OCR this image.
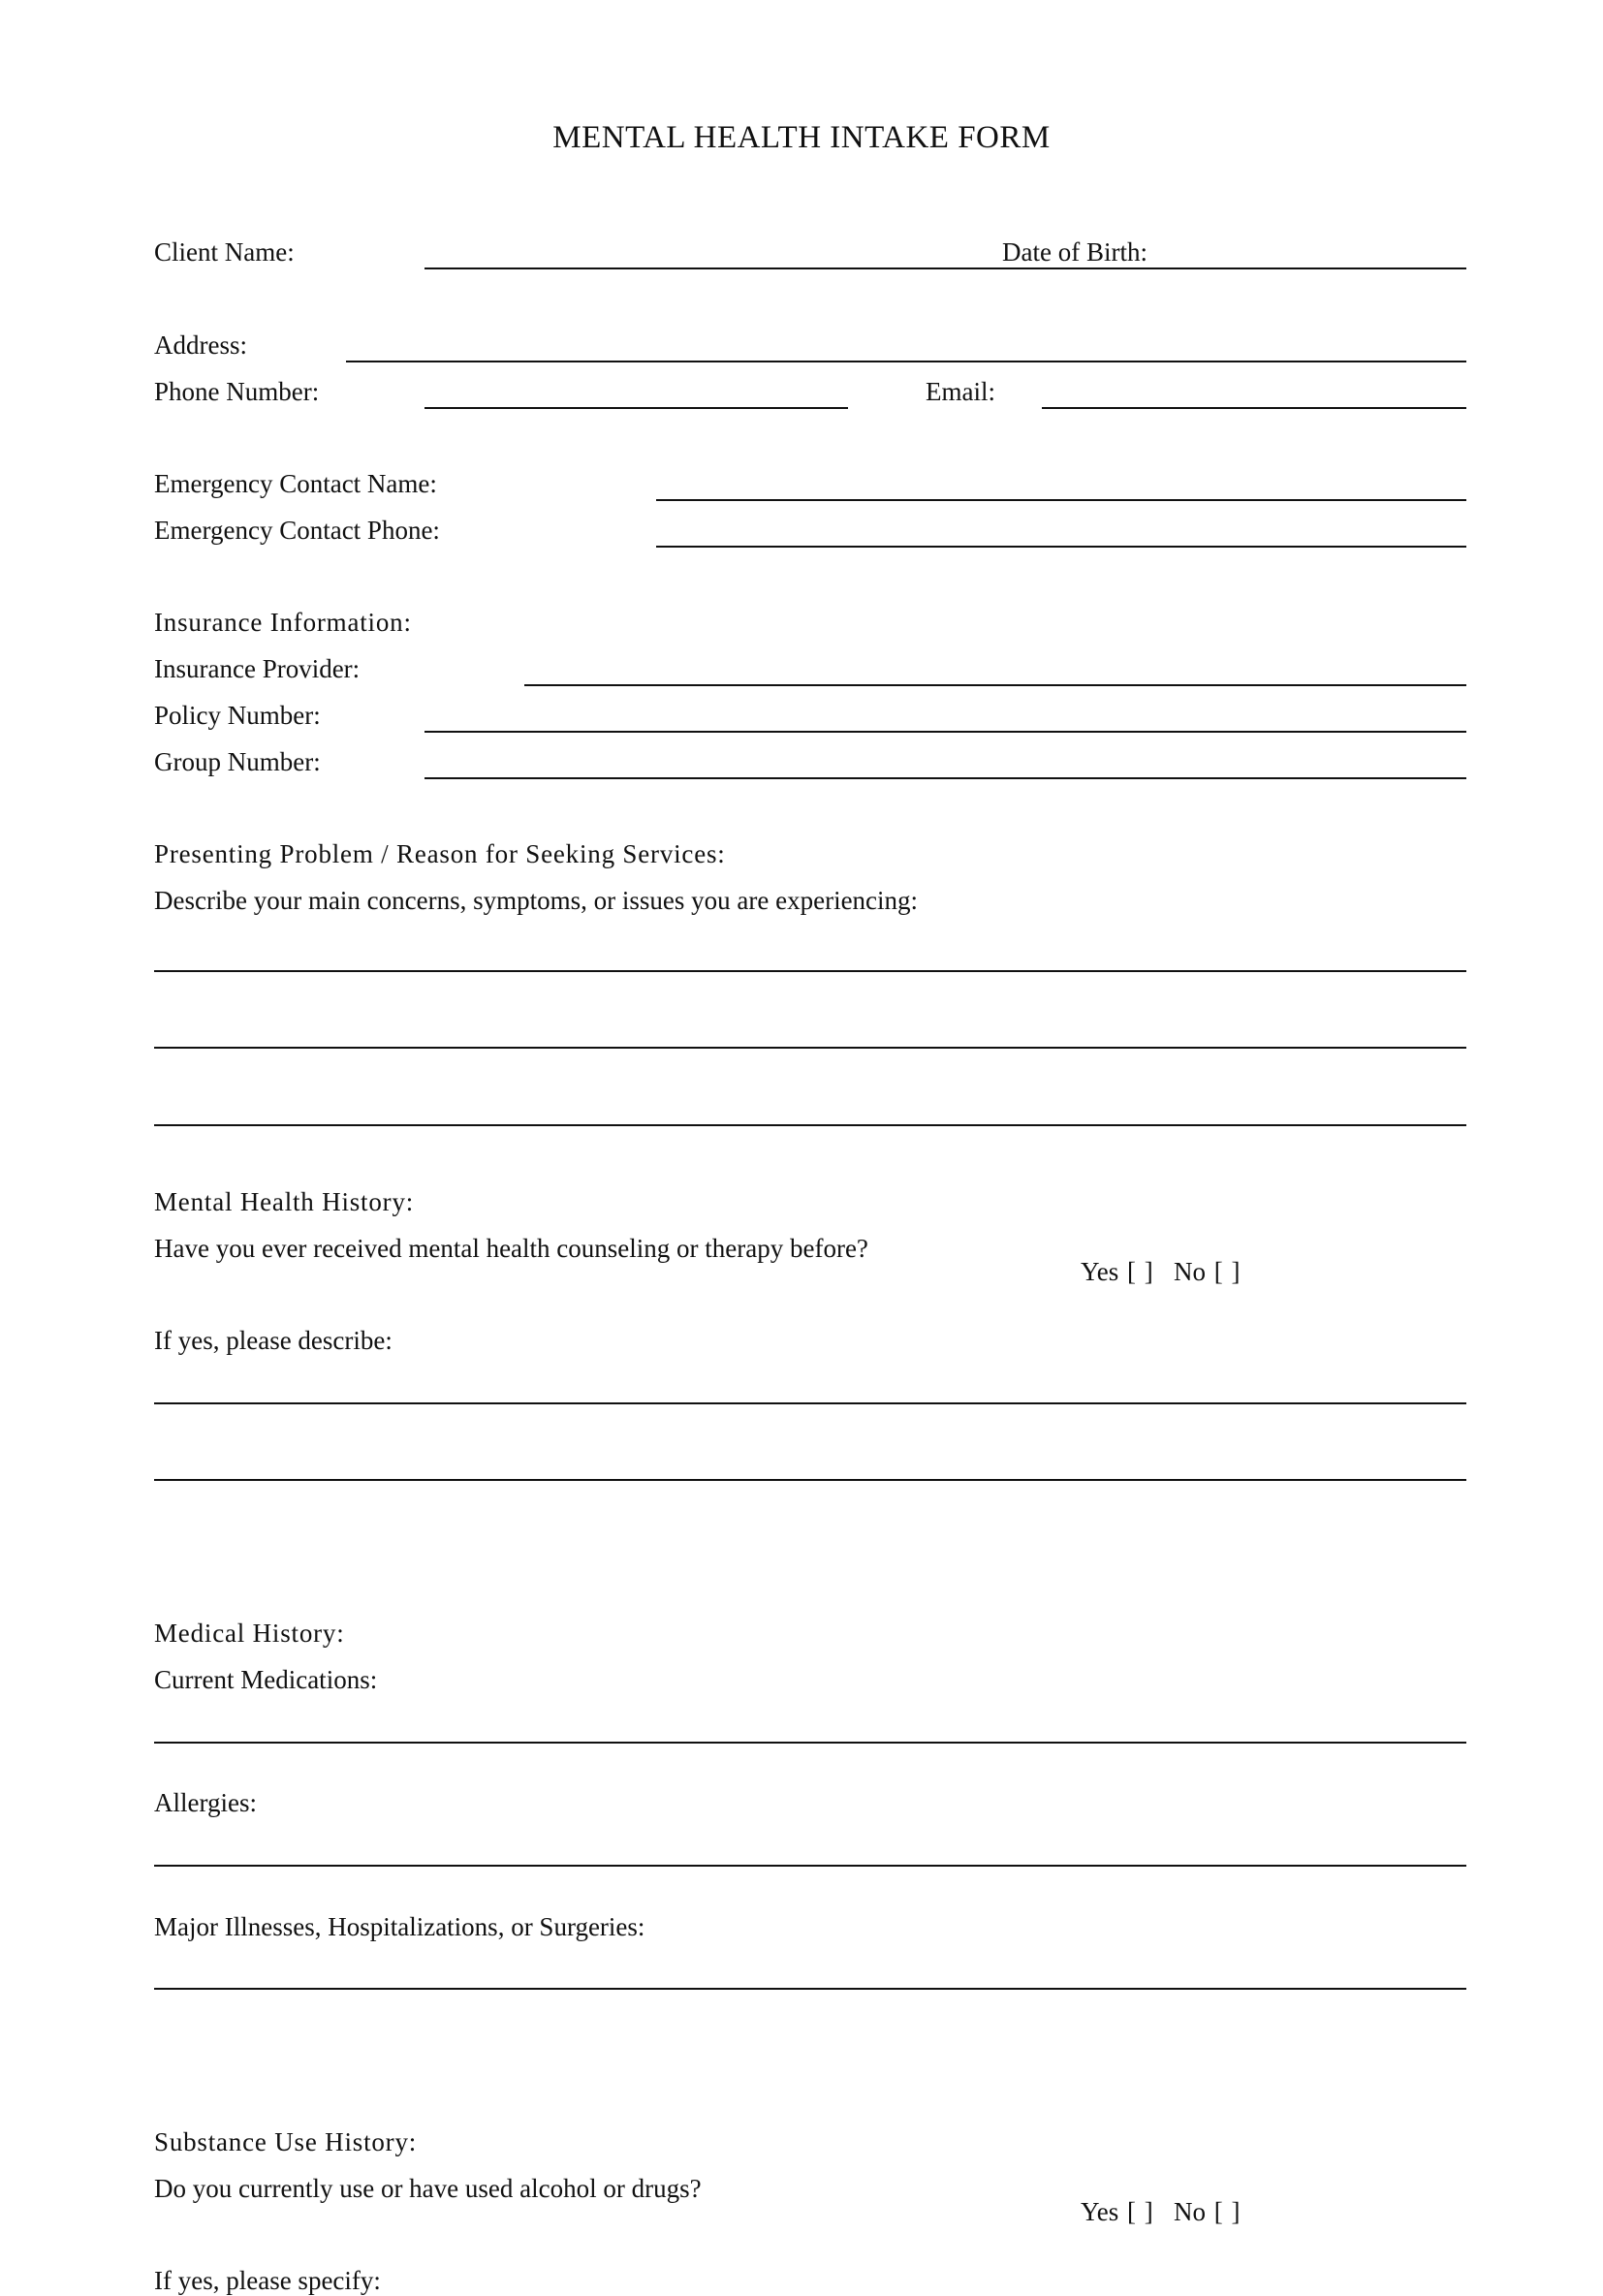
MENTAL HEALTH INTAKE FORM
Client Name:	Date of Birth:
Address:
Phone Number:	Email:
Emergency Contact Name:
Emergency Contact Phone:
Insurance Information:
Insurance Provider:
Policy Number:
Group Number:
Presenting Problem / Reason for Seeking Services:
Describe your main concerns, symptoms, or issues you are experiencing:
Mental Health History:
Have you ever received mental health counseling or therapy before?
Yes [ ] No [ ]
If yes, please describe:
Medical History:
Current Medications:
Allergies:
Major Illnesses, Hospitalizations, or Surgeries:
Substance Use History:
Do you currently use or have used alcohol or drugs?
Yes [ ] No [ ]
If yes, please specify:
